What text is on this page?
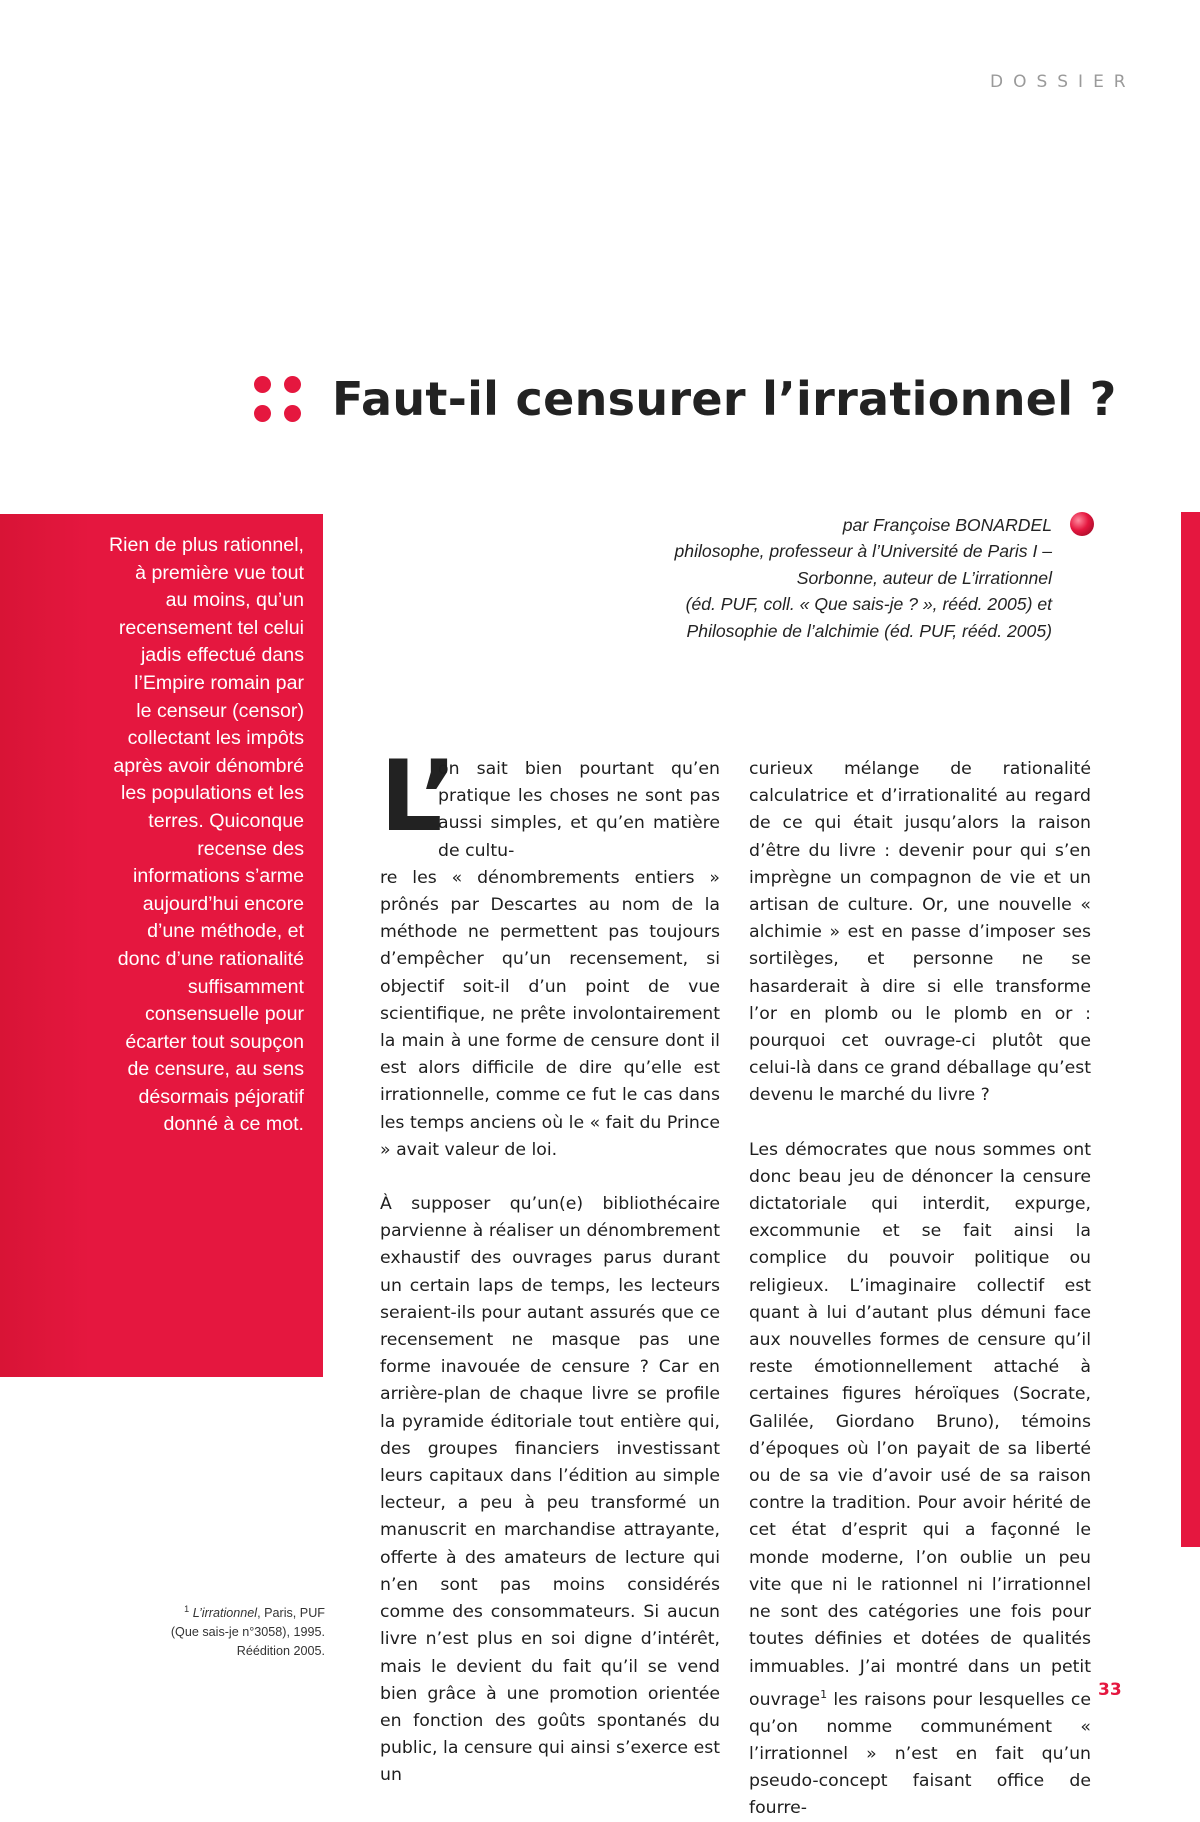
DOSSIER
Faut-il censurer l’irrationnel ?

Rien de plus rationnel,

à première vue tout

au moins, qu’un

recensement tel celui

jadis effectué dans

l’Empire romain par

le censeur (censor)

collectant les impôts

après avoir dénombré

les populations et les

terres. Quiconque

recense des

informations s’arme

aujourd’hui encore

d’une méthode, et

donc d’une rationalité

suffisamment

consensuelle pour

écarter tout soupçon

de censure, au sens

désormais péjoratif

donné à ce mot.

par Françoise BONARDEL
philosophe, professeur à l’Université de Paris I –
Sorbonne, auteur de L’irrationnel
(éd. PUF, coll. « Que sais-je ? », rééd. 2005) et
Philosophie de l’alchimie (éd. PUF, rééd. 2005)
L’

on sait bien pourtant qu’en pratique les choses ne sont pas aussi simples, et qu’en matière de cultu-

re les « dénombrements entiers » prônés par Descartes au nom de la méthode ne permettent pas toujours d’empêcher qu’un recensement, si objectif soit-il d’un point de vue scientifique, ne prête involontairement la main à une forme de censure dont il est alors difficile de dire qu’elle est irrationnelle, comme ce fut le cas dans les temps anciens où le « fait du Prince » avait valeur de loi.

À supposer qu’un(e) bibliothécaire parvienne à réaliser un dénombrement exhaustif des ouvrages parus durant un certain laps de temps, les lecteurs seraient-ils pour autant assurés que ce recensement ne masque pas une forme inavouée de censure ? Car en arrière-plan de chaque livre se profile la pyramide éditoriale tout entière qui, des groupes financiers investissant leurs capitaux dans l’édition au simple lecteur, a peu à peu transformé un manuscrit en marchandise attrayante, offerte à des amateurs de lecture qui n’en sont pas moins considérés comme des consommateurs. Si aucun livre n’est plus en soi digne d’intérêt, mais le devient du fait qu’il se vend bien grâce à une promotion orientée en fonction des goûts spontanés du public, la censure qui ainsi s’exerce est un

curieux mélange de rationalité calculatrice et d’irrationalité au regard de ce qui était jusqu’alors la raison d’être du livre : devenir pour qui s’en imprègne un compagnon de vie et un artisan de culture. Or, une nouvelle « alchimie » est en passe d’imposer ses sortilèges, et personne ne se hasarderait à dire si elle transforme l’or en plomb ou le plomb en or : pourquoi cet ouvrage-ci plutôt que celui-là dans ce grand déballage qu’est devenu le marché du livre ?

Les démocrates que nous sommes ont donc beau jeu de dénoncer la censure dictatoriale qui interdit, expurge, excommunie et se fait ainsi la complice du pouvoir politique ou religieux. L’imaginaire collectif est quant à lui d’autant plus démuni face aux nouvelles formes de censure qu’il reste émotionnellement attaché à certaines figures héroïques (Socrate, Galilée, Giordano Bruno), témoins d’époques où l’on payait de sa liberté ou de sa vie d’avoir usé de sa raison contre la tradition. Pour avoir hérité de cet état d’esprit qui a façonné le monde moderne, l’on oublie un peu vite que ni le rationnel ni l’irrationnel ne sont des catégories une fois pour toutes définies et dotées de qualités immuables. J’ai montré dans un petit ouvrage$^1$ les raisons pour lesquelles ce qu’on nomme communément « l’irrationnel » n’est en fait qu’un pseudo-concept faisant office de fourre-

$^1$ L’irrationnel, Paris, PUF

(Que sais-je n°3058), 1995.

Réédition 2005.

33
